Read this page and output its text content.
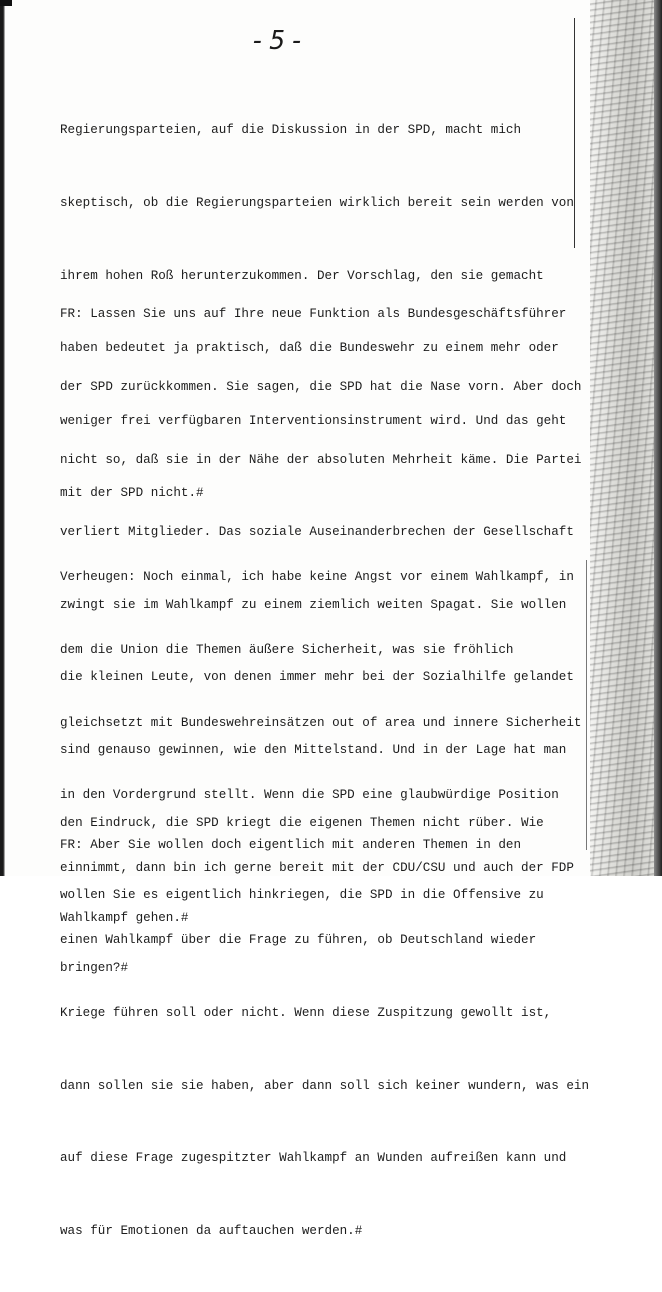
-5-

Regierungsparteien, auf die Diskussion in der SPD, macht mich

skeptisch, ob die Regierungsparteien wirklich bereit sein werden von

ihrem hohen Roß herunterzukommen. Der Vorschlag, den sie gemacht

haben bedeutet ja praktisch, daß die Bundeswehr zu einem mehr oder

weniger frei verfügbaren Interventionsinstrument wird. Und das geht

mit der SPD nicht.#

FR: Lassen Sie uns auf Ihre neue Funktion als Bundesgeschäftsführer

der SPD zurückkommen. Sie sagen, die SPD hat die Nase vorn. Aber doch

nicht so, daß sie in der Nähe der absoluten Mehrheit käme. Die Partei

verliert Mitglieder. Das soziale Auseinanderbrechen der Gesellschaft

zwingt sie im Wahlkampf zu einem ziemlich weiten Spagat. Sie wollen

die kleinen Leute, von denen immer mehr bei der Sozialhilfe gelandet

sind genauso gewinnen, wie den Mittelstand. Und in der Lage hat man

den Eindruck, die SPD kriegt die eigenen Themen nicht rüber. Wie

wollen Sie es eigentlich hinkriegen, die SPD in die Offensive zu

bringen?#

Verheugen: Noch einmal, ich habe keine Angst vor einem Wahlkampf, in

dem die Union die Themen äußere Sicherheit, was sie fröhlich

gleichsetzt mit Bundeswehreinsätzen out of area und innere Sicherheit

in den Vordergrund stellt. Wenn die SPD eine glaubwürdige Position

einnimmt, dann bin ich gerne bereit mit der CDU/CSU und auch der FDP

einen Wahlkampf über die Frage zu führen, ob Deutschland wieder

Kriege führen soll oder nicht. Wenn diese Zuspitzung gewollt ist,

dann sollen sie sie haben, aber dann soll sich keiner wundern, was ein

auf diese Frage zugespitzter Wahlkampf an Wunden aufreißen kann und

was für Emotionen da auftauchen werden.#

FR: Aber Sie wollen doch eigentlich mit anderen Themen in den

Wahlkampf gehen.#
